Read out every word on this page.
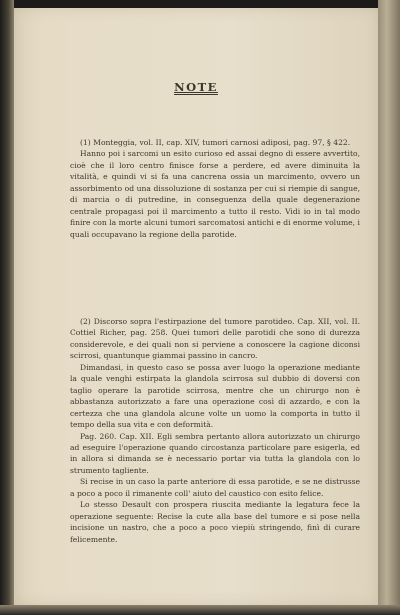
NOTE

(1) Monteggia, vol. II, cap. XIV, tumori carnosi adiposi, pag. 97, § 422.

Hanno poi i sarcomi un esito curioso ed assai degno di essere avvertito, cioè che il loro centro finisce forse a perdere, ed avere diminuita la vitalità, e quindi vi si fa una cancrena ossia un marcimento, ovvero un assorbimento od una dissoluzione di sostanza per cui si riempie di sangue, di marcia o di putredine, in conseguenza della quale degenerazione centrale propagasi poi il marcimento a tutto il resto. Vidi io in tal modo finire con la morte alcuni tumori sarcomatosi antichi e di enorme volume, i quali occupavano la regione della parotide.

(2) Discorso sopra l'estirpazione del tumore parotideo. Cap. XII, vol. II. Cottiel Richer, pag. 258. Quei tumori delle parotidi che sono di durezza considerevole, e dei quali non si perviene a conoscere la cagione diconsi scirrosi, quantunque giammai passino in cancro.

Dimandasi, in questo caso se possa aver luogo la operazione mediante la quale venghi estirpata la glandola scirrosa sul dubbio di doversi con taglio operare la parotide scirrosa, mentre che un chirurgo non è abbastanza autorizzato a fare una operazione così di azzardo, e con la certezza che una glandola alcune volte un uomo la comporta in tutto il tempo della sua vita e con deformità.

Pag. 260. Cap. XII. Egli sembra pertanto allora autorizzato un chirurgo ad eseguire l'operazione quando circostanza particolare pare esigerla, ed in allora si dimanda se è necessario portar via tutta la glandola con lo strumento tagliente.

Si recise in un caso la parte anteriore di essa parotide, e se ne distrusse a poco a poco il rimanente coll' aiuto del caustico con esito felice.

Lo stesso Desault con prospera riuscita mediante la legatura fece la operazione seguente: Recise la cute alla base del tumore e si pose nella incisione un nastro, che a poco a poco viepiù stringendo, finì di curare felicemente.
